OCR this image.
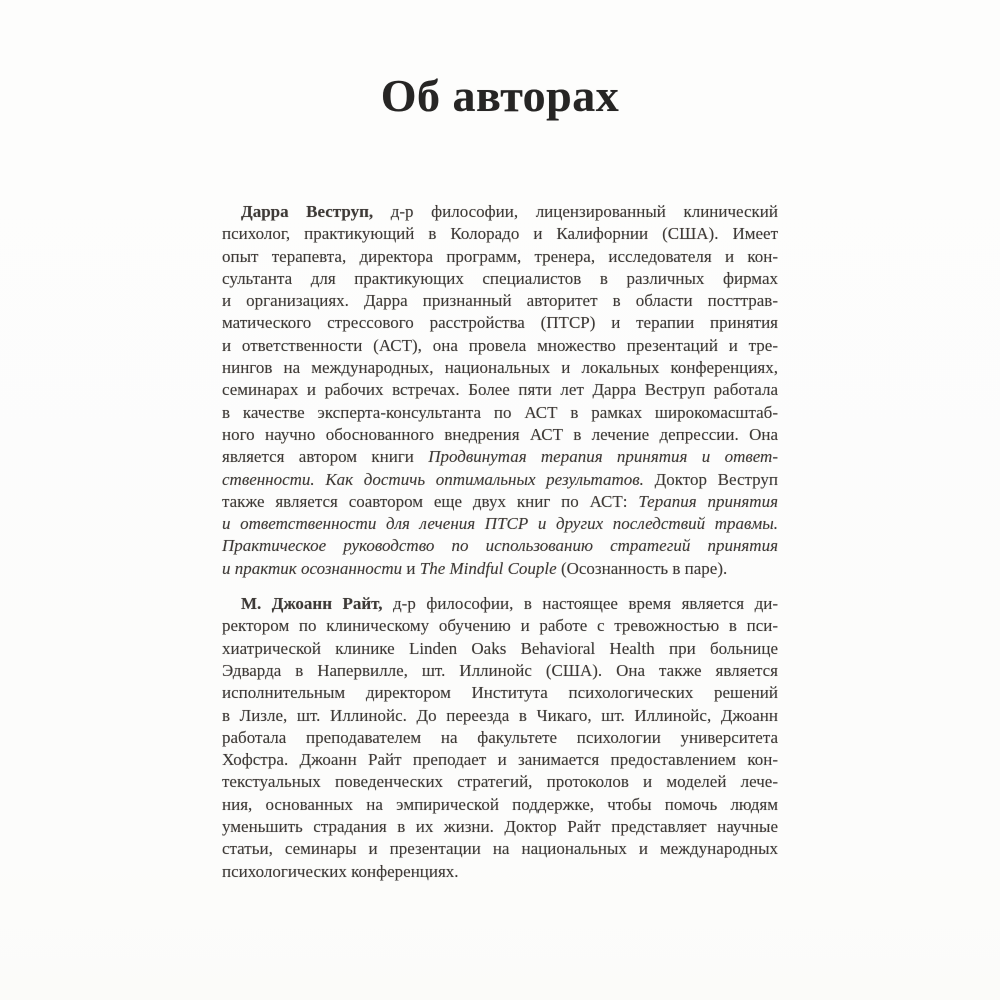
Об авторах
Дарра Веструп, д-р философии, лицензированный клинический
психолог, практикующий в Колорадо и Калифорнии (США). Имеет
опыт терапевта, директора программ, тренера, исследователя и кон-
сультанта для практикующих специалистов в различных фирмах
и организациях. Дарра признанный авторитет в области посттрав-
матического стрессового расстройства (ПТСР) и терапии принятия
и ответственности (АСТ), она провела множество презентаций и тре-
нингов на международных, национальных и локальных конференциях,
семинарах и рабочих встречах. Более пяти лет Дарра Веструп работала
в качестве эксперта-консультанта по АСТ в рамках широкомасштаб-
ного научно обоснованного внедрения АСТ в лечение депрессии. Она
является автором книги Продвинутая терапия принятия и ответ-
ственности. Как достичь оптимальных результатов. Доктор Веструп
также является соавтором еще двух книг по АСТ: Терапия принятия
и ответственности для лечения ПТСР и других последствий травмы.
Практическое руководство по использованию стратегий принятия
и практик осознанности и The Mindful Couple (Осознанность в паре).
М. Джоанн Райт, д-р философии, в настоящее время является ди-
ректором по клиническому обучению и работе с тревожностью в пси-
хиатрической клинике Linden Oaks Behavioral Health при больнице
Эдварда в Напервилле, шт. Иллинойс (США). Она также является
исполнительным директором Института психологических решений
в Лизле, шт. Иллинойс. До переезда в Чикаго, шт. Иллинойс, Джоанн
работала преподавателем на факультете психологии университета
Хофстра. Джоанн Райт преподает и занимается предоставлением кон-
текстуальных поведенческих стратегий, протоколов и моделей лече-
ния, основанных на эмпирической поддержке, чтобы помочь людям
уменьшить страдания в их жизни. Доктор Райт представляет научные
статьи, семинары и презентации на национальных и международных
психологических конференциях.
